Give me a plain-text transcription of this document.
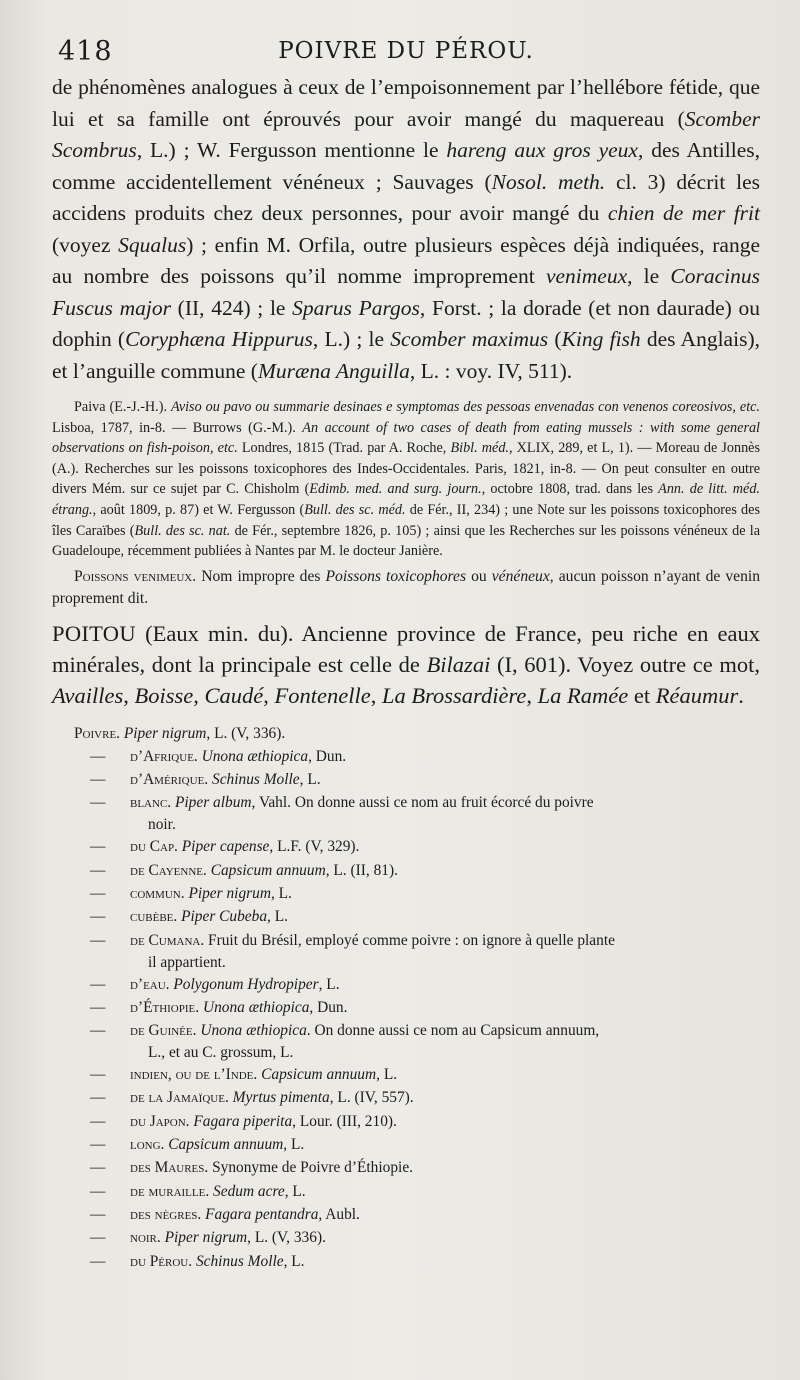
418	POIVRE DU PÉROU.

de phénomènes analogues à ceux de l’empoisonnement par l’hellébore fétide, que lui et sa famille ont éprouvés pour avoir mangé du maquereau (Scomber Scombrus, L.) ; W. Fergusson mentionne le hareng aux gros yeux, des Antilles, comme accidentellement vénéneux ; Sauvages (Nosol. meth. cl. 3) décrit les accidens produits chez deux personnes, pour avoir mangé du chien de mer frit (voyez Squalus) ; enfin M. Orfila, outre plusieurs espèces déjà indiquées, range au nombre des poissons qu’il nomme improprement venimeux, le Coracinus Fuscus major (II, 424) ; le Sparus Pargos, Forst. ; la dorade (et non daurade) ou dophin (Coryphæna Hippurus, L.) ; le Scomber maximus (King fish des Anglais), et l’anguille commune (Muræna Anguilla, L. : voy. IV, 511).

Paiva (E.-J.-H.). Aviso ou pavo ou summarie desinaes e symptomas des pessoas envenadas con venenos coreosivos, etc. Lisboa, 1787, in-8. — Burrows (G.-M.). An account of two cases of death from eating mussels : with some general observations on fish-poison, etc. Londres, 1815 (Trad. par A. Roche, Bibl. méd., XLIX, 289, et L, 1). — Moreau de Jonnès (A.). Recherches sur les poissons toxicophores des Indes-Occidentales. Paris, 1821, in-8. — On peut consulter en outre divers Mém. sur ce sujet par C. Chisholm (Edimb. med. and surg. journ., octobre 1808, trad. dans les Ann. de litt. méd. étrang., août 1809, p. 87) et W. Fergusson (Bull. des sc. méd. de Fér., II, 234) ; une Note sur les poissons toxicophores des îles Caraïbes (Bull. des sc. nat. de Fér., septembre 1826, p. 105) ; ainsi que les Recherches sur les poissons vénéneux de la Guadeloupe, récemment publiées à Nantes par M. le docteur Janière.

Poissons venimeux. Nom impropre des Poissons toxicophores ou vénéneux, aucun poisson n’ayant de venin proprement dit.

POITOU (Eaux min. du). Ancienne province de France, peu riche en eaux minérales, dont la principale est celle de Bilazai (I, 601). Voyez outre ce mot, Availles, Boisse, Caudé, Fontenelle, La Brossardière, La Ramée et Réaumur.

Poivre. Piper nigrum, L. (V, 336).
— d’Afrique. Unona æthiopica, Dun.
— d’Amérique. Schinus Molle, L.
— blanc. Piper album, Vahl. On donne aussi ce nom au fruit écorcé du poivre
noir.
— du Cap. Piper capense, L.F. (V, 329).
— de Cayenne. Capsicum annuum, L. (II, 81).
— commun. Piper nigrum, L.
— cubèbe. Piper Cubeba, L.
— de Cumana. Fruit du Brésil, employé comme poivre : on ignore à quelle plante
il appartient.
— d’eau. Polygonum Hydropiper, L.
— d’Éthiopie. Unona æthiopica, Dun.
— de Guinée. Unona æthiopica. On donne aussi ce nom au Capsicum annuum,
L., et au C. grossum, L.
— indien, ou de l’Inde. Capsicum annuum, L.
— de la Jamaïque. Myrtus pimenta, L. (IV, 557).
— du Japon. Fagara piperita, Lour. (III, 210).
— long. Capsicum annuum, L.
— des Maures. Synonyme de Poivre d’Éthiopie.
— de muraille. Sedum acre, L.
— des nègres. Fagara pentandra, Aubl.
— noir. Piper nigrum, L. (V, 336).
— du Pérou. Schinus Molle, L.
